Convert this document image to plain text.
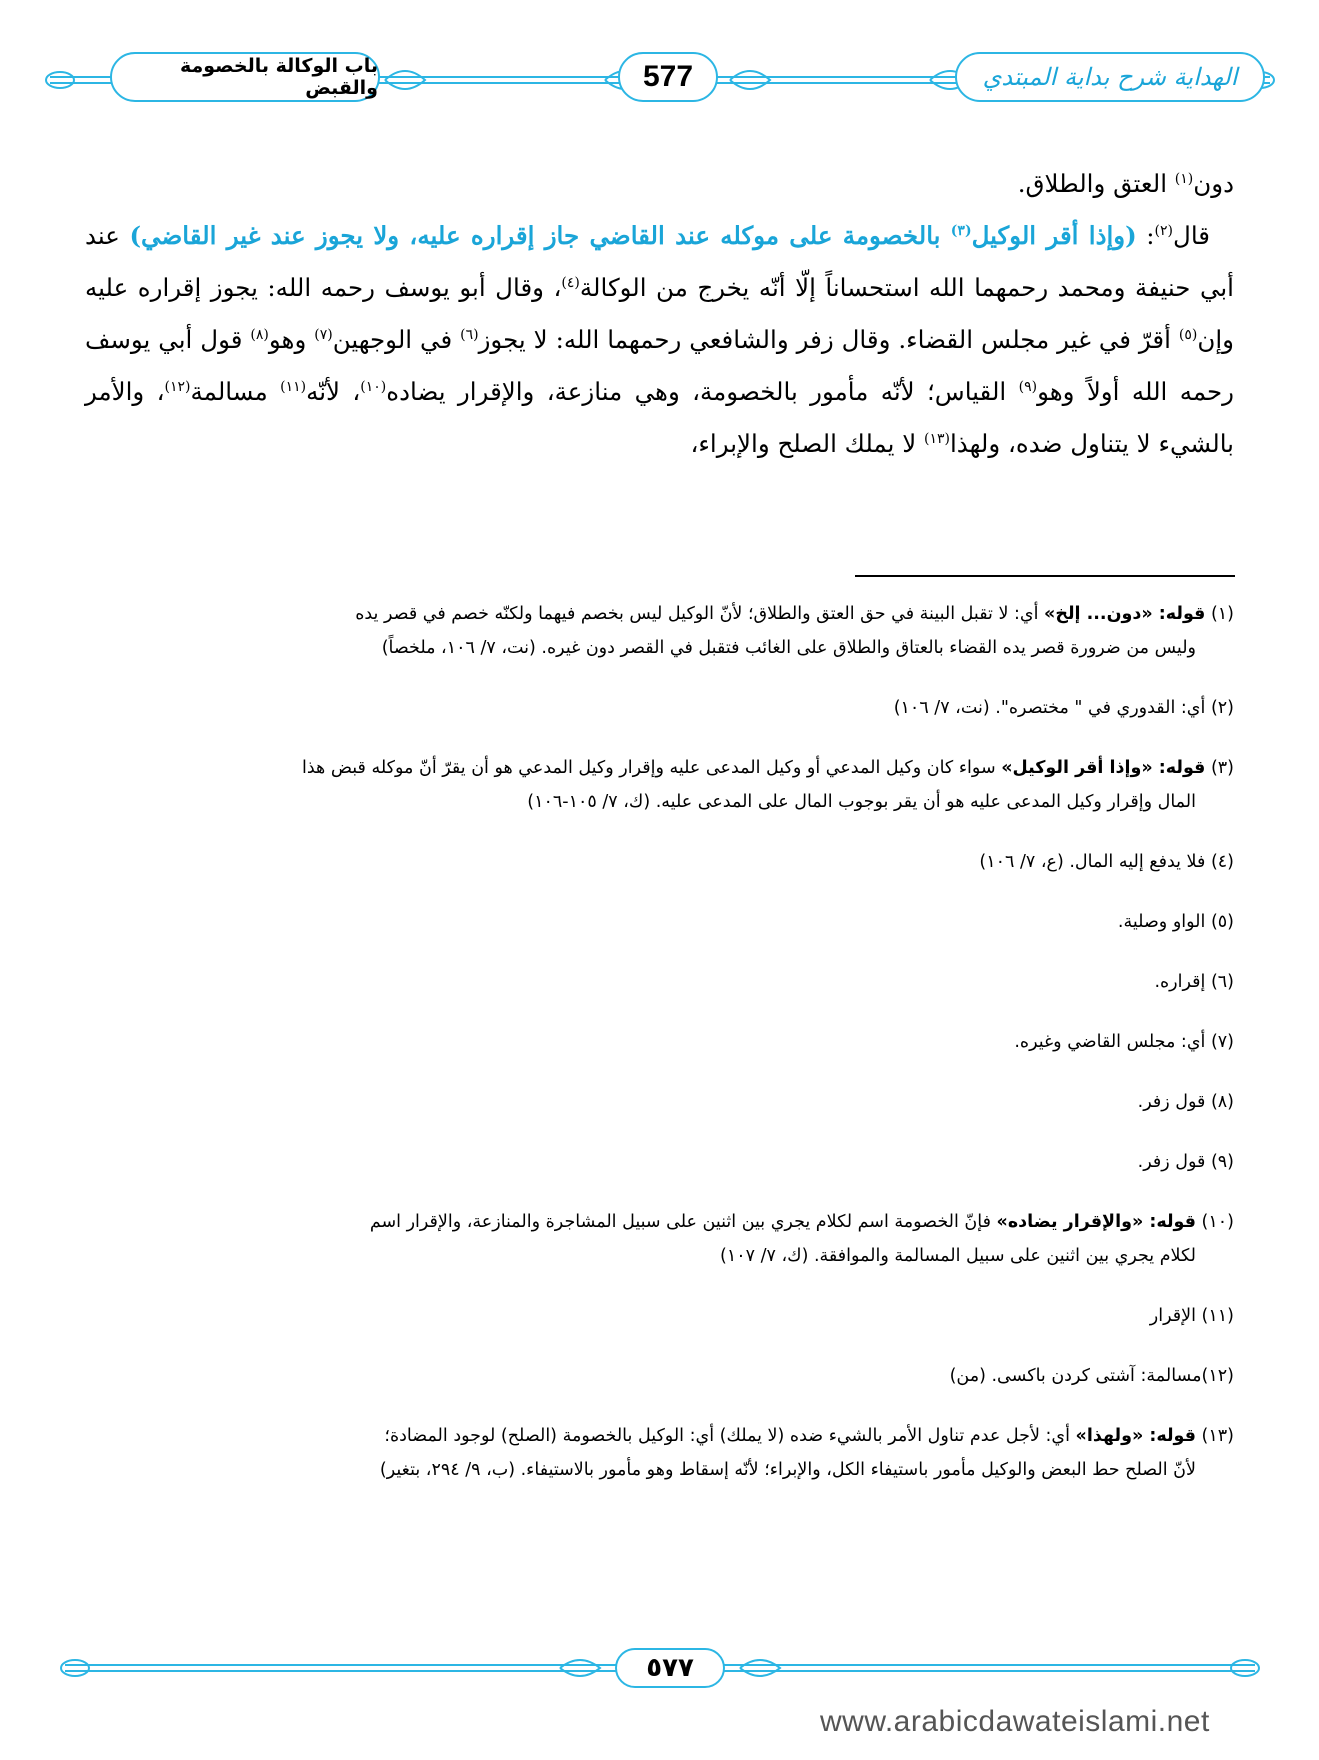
باب الوكالة بالخصومة والقبض	577	الهداية شرح بداية المبتدي

دون$^{(١)}$ العتق والطلاق.

قال$^{(٢)}$: (وإذا أقر الوكيل$^{(٣)}$ بالخصومة على موكله عند القاضي جاز إقراره عليه، ولا يجوز عند غير القاضي) عند أبي حنيفة ومحمد رحمهما الله استحساناً إلّا أنّه يخرج من الوكالة$^{(٤)}$، وقال أبو يوسف رحمه الله: يجوز إقراره عليه وإن$^{(٥)}$ أقرّ في غير مجلس القضاء. وقال زفر والشافعي رحمهما الله: لا يجوز$^{(٦)}$ في الوجهين$^{(٧)}$ وهو$^{(٨)}$ قول أبي يوسف رحمه الله أولاً وهو$^{(٩)}$ القياس؛ لأنّه مأمور بالخصومة، وهي منازعة، والإقرار يضاده$^{(١٠)}$، لأنّه$^{(١١)}$ مسالمة$^{(١٢)}$، والأمر بالشيء لا يتناول ضده، ولهذا$^{(١٣)}$ لا يملك الصلح والإبراء،

(١) قوله: «دون... إلخ» أي: لا تقبل البينة في حق العتق والطلاق؛ لأنّ الوكيل ليس بخصم فيهما ولكنّه خصم في قصر يده
وليس من ضرورة قصر يده القضاء بالعتاق والطلاق على الغائب فتقبل في القصر دون غيره. (نت، ٧/ ١٠٦، ملخصاً)
(٢) أي: القدوري في " مختصره". (نت، ٧/ ١٠٦)
(٣) قوله: «وإذا أقر الوكيل» سواء كان وكيل المدعي أو وكيل المدعى عليه وإقرار وكيل المدعي هو أن يقرّ أنّ موكله قبض هذا
المال وإقرار وكيل المدعى عليه هو أن يقر بوجوب المال على المدعى عليه. (ك، ٧/ ١٠٥-١٠٦)
(٤) فلا يدفع إليه المال. (ع، ٧/ ١٠٦)
(٥) الواو وصلية.
(٦) إقراره.
(٧) أي: مجلس القاضي وغيره.
(٨) قول زفر.
(٩) قول زفر.
(١٠) قوله: «والإقرار يضاده» فإنّ الخصومة اسم لكلام يجري بين اثنين على سبيل المشاجرة والمنازعة، والإقرار اسم
لكلام يجري بين اثنين على سبيل المسالمة والموافقة. (ك، ٧/ ١٠٧)
(١١) الإقرار
(١٢)مسالمة: آشتی کردن باکسی. (من)
(١٣) قوله: «ولهذا» أي: لأجل عدم تناول الأمر بالشيء ضده (لا يملك) أي: الوكيل بالخصومة (الصلح) لوجود المضادة؛
لأنّ الصلح حط البعض والوكيل مأمور باستيفاء الكل، والإبراء؛ لأنّه إسقاط وهو مأمور بالاستيفاء. (ب، ٩/ ٢٩٤، بتغير)
٥٧٧
www.arabicdawateislami.net
